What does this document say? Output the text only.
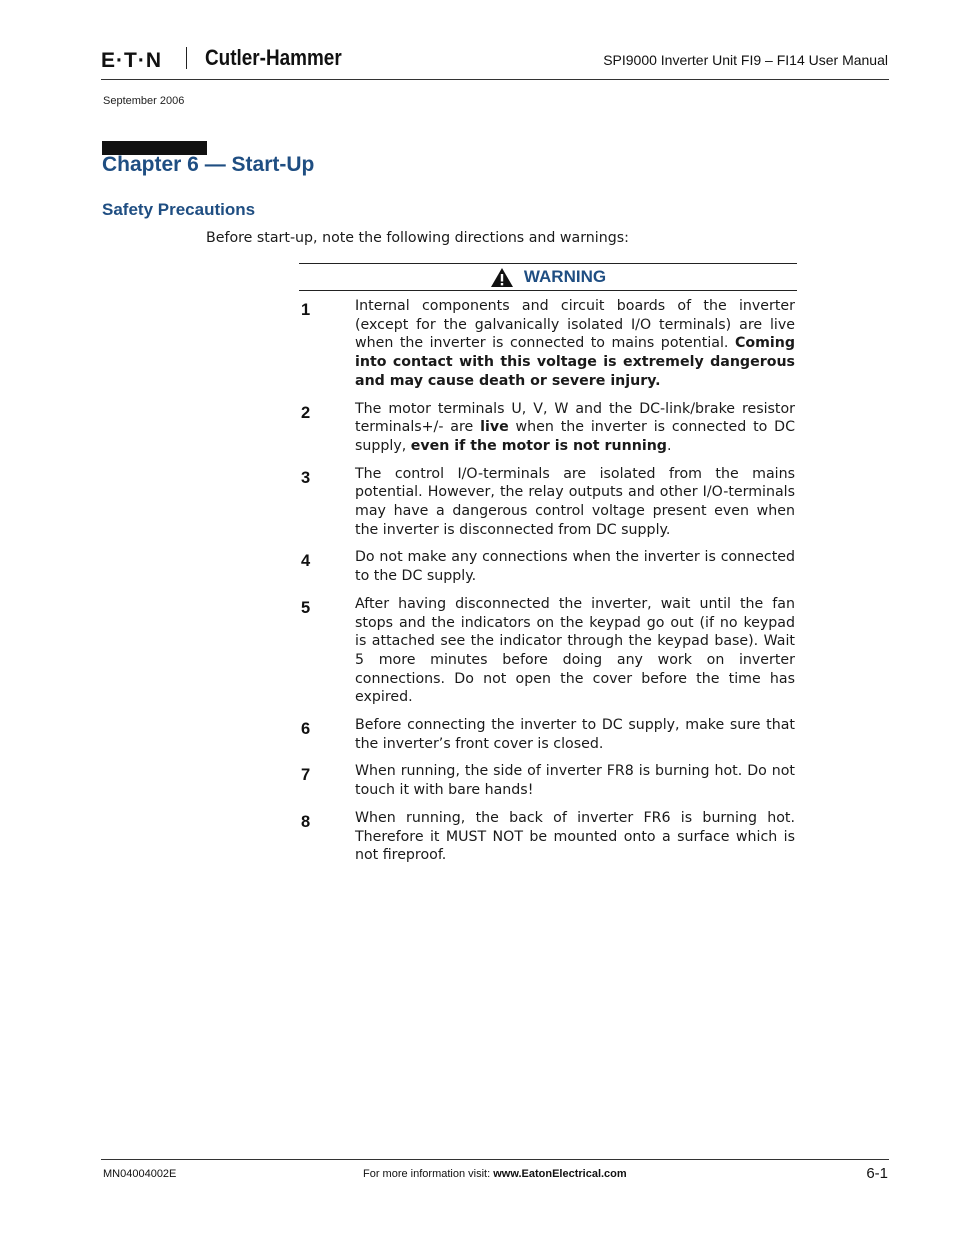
E·T·N Cutler-Hammer	SPI9000 Inverter Unit FI9 – FI14 User Manual
September 2006
Chapter 6 — Start-Up
Safety Precautions
Before start-up, note the following directions and warnings:
WARNING
1	Internal components and circuit boards of the inverter (except for the galvanically isolated I/O terminals) are live when the inverter is connected to mains potential. Coming into contact with this voltage is extremely dangerous and may cause death or severe injury.
2	The motor terminals U, V, W and the DC-link/brake resistor terminals+/- are live when the inverter is connected to DC supply, even if the motor is not running.
3	The control I/O-terminals are isolated from the mains potential. However, the relay outputs and other I/O-terminals may have a dangerous control voltage present even when the inverter is disconnected from DC supply.
4	Do not make any connections when the inverter is connected to the DC supply.
5	After having disconnected the inverter, wait until the fan stops and the indicators on the keypad go out (if no keypad is attached see the indicator through the keypad base). Wait 5 more minutes before doing any work on inverter connections. Do not open the cover before the time has expired.
6	Before connecting the inverter to DC supply, make sure that the inverter’s front cover is closed.
7	When running, the side of inverter FR8 is burning hot. Do not touch it with bare hands!
8	When running, the back of inverter FR6 is burning hot. Therefore it MUST NOT be mounted onto a surface which is not fireproof.
MN04004002E	For more information visit: www.EatonElectrical.com	6-1
